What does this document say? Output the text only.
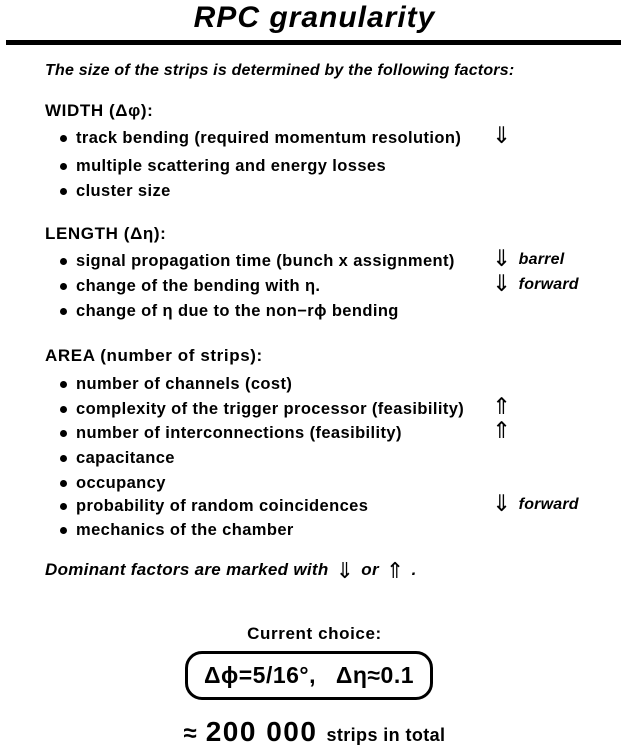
RPC granularity
The size of the strips is determined by the following factors:
WIDTH (Δφ):
track bending (required momentum resolution) ⇓
multiple scattering and energy losses
cluster size
LENGTH (Δη):
signal propagation time (bunch x assignment) ⇓ barrel
change of the bending with η.	⇓ forward
change of η due to the non−rϕ bending
AREA (number of strips):
number of channels (cost)
complexity of the trigger processor (feasibility) ⇑
number of interconnections (feasibility)	⇑
capacitance
occupancy
probability of random coincidences	⇓ forward
mechanics of the chamber
Dominant factors are marked with ⇓ or ⇑ .
Current choice:
Δϕ=5/16°,   Δη≈0.1
≈ 200 000 strips in total
